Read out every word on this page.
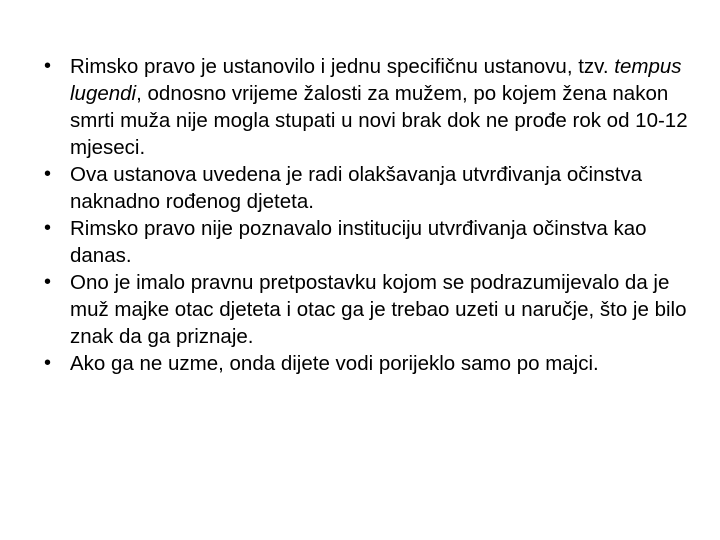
• Rimsko pravo je ustanovilo i jednu specifičnu ustanovu, tzv. tempus lugendi, odnosno vrijeme žalosti za mužem, po kojem žena nakon smrti muža nije mogla stupati u novi brak dok ne prođe rok od 10-12 mjeseci.
• Ova ustanova uvedena je radi olakšavanja utvrđivanja očinstva naknadno rođenog djeteta.
• Rimsko pravo nije poznavalo instituciju utvrđivanja očinstva kao danas.
• Ono je imalo pravnu pretpostavku kojom se podrazumijevalo da je muž majke otac djeteta i otac ga je trebao uzeti u naručje, što je bilo znak da ga priznaje.
• Ako ga ne uzme, onda dijete vodi porijeklo samo po majci.
